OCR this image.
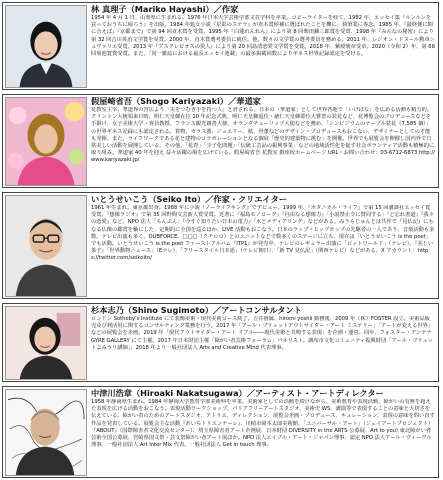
林 真理子（Mariko Hayashi）／作家
1954 年 4 月 1 日、山梨県に生まれる。1976 年日本大学芸術学部文芸学科を卒業。コピーライターを経て、1982 年、エッセイ集『ルンルンを買っておうちに帰ろう』を出版。1984 年処女小説『星影のステラ』が直木賞候補に選ばれたことを機に、執筆業に専念。1985 年、『最終便に間に合えば』『京都まで』で第 94 回直木賞を受賞。1995 年『白蓮れんれん』により第 8 回柴田錬三郎賞を受賞、1998 年『みんなの秘密』により第 32 回吉川英治文学賞を受賞。2000 年、直木賞選考委員に就任。他、数々の文学賞の選考委員を務める。2011 年、レジオン・ドヌール勲章シュヴァリエ受賞。2013 年『アスクレピオスの愛人』により第 20 回島清恋愛文学賞を受賞。2018 年、紫綬褒章受章。2020（令和 2）年、第 68 回菊池寛賞受賞。また、「同一雑誌における最長エッセイ連載」の最多掲載回数によりギネス世界記録認定を受ける。
假屋崎省吾（Shogo Kariyazaki）／華道家
花教室主宰。華道界の宮広より「美をつむぎ手を持つ人」と評される。日本の「華道家」として世界各地で「いけばな」を広める活動も精力的。クリントン大統領来日時、明仁天皇御在位 10 年記念式典、明仁天皇御退位・徳仁天皇御即位大嘗祭の装花など、花博覧会のプロデュースなどを手掛け、女子美術大学・客員教授、フランス観光親善大使、オランダチューリップ大使などを務め、「シンビジウムのテーブル装花（7,585 個）」の世界ギネス記録にも認定される。着物、ガラス器、ジュエリー、紙、骨董などのデザイン・プロデュースもおこない、デザイナーとしての才能も発揮、また、ライフワークである花と建物のコラボレーションとなる個展「歴史的建築物に挑む」を開催。世界でも展覧会を開催し国内外で日常美しい活動を展開している。その他、「花育」「少子化問題」「伝統工芸品の振興事業」などの地域活性化を促す社会ボランティア活動も積極的に取り組み。華道家 40 年を迎え 益々活躍の場を広げている。假屋崎省吾 花教室 銀座校ホームページ URL・お問い合わせ：03-6712-6873 http://www.kariyazaki.jp/
いとうせいこう（Seiko Ito）／作家・クリエイター
1961 年生まれ。東京都出身。1988 年に小説『ノーライフキング』でデビュー。1999 年、『ボタニカル・ライフ』で第 15 回講談社エッセイ賞受賞。『想像ラジオ』で第 35 回野間文芸新人賞受賞。近著に『福島モノローグ』『自由なる想像力』「小説禁止令に賛同する」『ど忘れ書道』『我々の恋愛』など。NPO 法人「ちんぷん」『今すぐ知りたい日本の電力』「水とメディアリング」などがある。みうらじゅんとは共作で『見仏記』にもなる仏像の鑑賞を軸にした、定期的に全国を巡るほか、LIVE 活動もおこなう。日本のラップ・ヒップホップの先駆者の一人であり、音楽活動も多数。テレビ出演も多く、DUBFORCE、□□□（クチロロ）とのユニットなどで数多くのステージに立ち、現在は「いとうせいこう is the poet」でも活動。いとうせいこう is the poet ファーストアルバム『ITP1』が発売中、テレビのレギュラー出演に「ビットワールド」（テレビ）、『美しい茶子』「世界動物ニュース」（Eテレ）、「フリースタイル日本語」（テレビ朝日）、「新 TV 見仏記」（関西テレビ）などがある。X アカウント：https://twitter.com/seikoito/
杉本志乃（Shino Sugimoto）／アートコンサルタント
ロンドン Sotheby's Institute にて装飾美術・現代美術コース終了。吉井画廊、hiromi yoshii 勤務後、2009 年（株）FOSTER 設立。美術品販売及び利活用に関するコンサルティング業務を行う。2017 年「アール・ブリュットアウトサイダー・アート ミステリー」「アートが変える世界」などの展覧会を企画。2019 年「現代アウトサイダー・アート リアル――現代美術と共鳴する表現」を企画・運営。同年、フォスター・アンテナ GYRE GALLERY にて主催。2017 年日本財団主催「障がい者芸術フォーラム」パネリスト。調布市文化コミュニティ振興財団「アール・ブリュットよみうり講師」。2018 年より一般社団法人 Arts and Creative Mind 代表理事。
中津川浩章（Hiroaki Nakatsugawa）／アーティスト・アートディレクター
1958 年静岡県生まれ。1984 年静岡大学教育学部美術科を卒業。美術家としての活動を続けながら、美術教育や表現活動、障がいの有無を超えた表現を広げる活動をおこなう。表現活動ワークショップ、バリアフリーアートスタジオ、美術史 WS、講演等で表現することの意味と大切さを伝えている。障がい者のためのアートスタジオ、アトリエ、ディレクション、展覧会企画・プロデュース、キュレーション、表現の意味を問い直す作品を発表している。展覧会主な活動『あいちトリエンナーレ』、川崎市岡本太郎美術館、「ユニバーサル・アート」（ジェイアートプロジェクト）『ABOUT』（国際障害者文化交流センター）、埼玉県障害者アート企画展、日本財団 DIVERSITY in the ARTS 公募展、Art to you! 東北障がい者芸術全国公募展、宮崎県国文祭・芸文祭障がい者アート展ほか。NPO 法人エイブル・アート・ジャパン理事、認定 NPO 法人アール・ヴィーヴル理事。一般社団法人 Art Inter Mix 代表。一般社団法人 Get in touch 理事。
